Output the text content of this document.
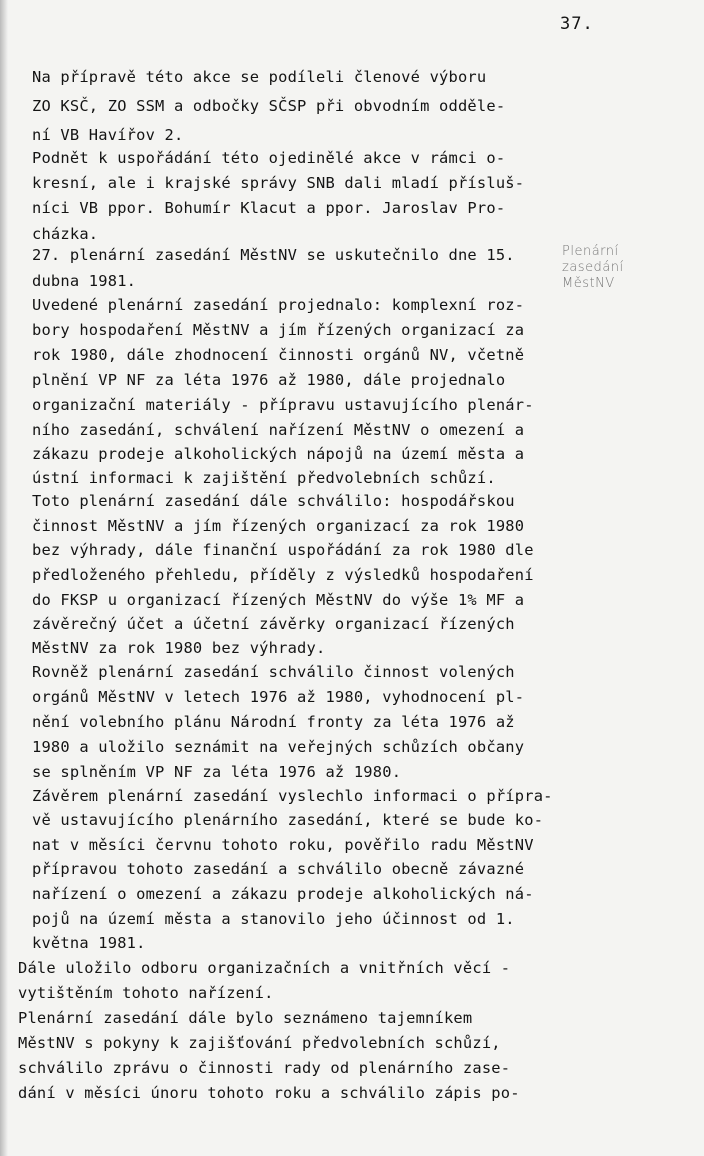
37.
Plenární
zasedání
MěstNV
Na přípravě této akce se podíleli členové výboru
ZO KSČ, ZO SSM a odbočky SČSP při obvodním odděle-
ní VB Havířov 2.
Podnět k uspořádání této ojedinělé akce v rámci o-
kresní, ale i krajské správy SNB dali mladí přísluš-
níci VB ppor. Bohumír Klacut a ppor. Jaroslav Pro-
cházka.
27. plenární zasedání MěstNV se uskutečnilo dne 15.
dubna 1981.
Uvedené plenární zasedání projednalo: komplexní roz-
bory hospodaření MěstNV a jím řízených organizací za
rok 1980, dále zhodnocení činnosti orgánů NV, včetně
plnění VP NF za léta 1976 až 1980, dále projednalo
organizační materiály - přípravu ustavujícího plenár-
ního zasedání, schválení nařízení MěstNV o omezení a
zákazu prodeje alkoholických nápojů na území města a
ústní informaci k zajištění předvolebních schůzí.
Toto plenární zasedání dále schválilo: hospodářskou
činnost MěstNV a jím řízených organizací za rok 1980
bez výhrady, dále finanční uspořádání za rok 1980 dle
předloženého přehledu, příděly z výsledků hospodaření
do FKSP u organizací řízených MěstNV do výše 1% MF a
závěrečný účet a účetní závěrky organizací řízených
MěstNV za rok 1980 bez výhrady.
Rovněž plenární zasedání schválilo činnost volených
orgánů MěstNV v letech 1976 až 1980, vyhodnocení pl-
nění volebního plánu Národní fronty za léta 1976 až
1980 a uložilo seznámit na veřejných schůzích občany
se splněním VP NF za léta 1976 až 1980.
Závěrem plenární zasedání vyslechlo informaci o přípra-
vě ustavujícího plenárního zasedání, které se bude ko-
nat v měsíci červnu tohoto roku, pověřilo radu MěstNV
přípravou tohoto zasedání a schválilo obecně závazné
nařízení o omezení a zákazu prodeje alkoholických ná-
pojů na území města a stanovilo jeho účinnost od 1.
května 1981.
Dále uložilo odboru organizačních a vnitřních věcí -
vytištěním tohoto nařízení.
Plenární zasedání dále bylo seznámeno tajemníkem
MěstNV s pokyny k zajišťování předvolebních schůzí,
schválilo zprávu o činnosti rady od plenárního zase-
dání v měsíci únoru tohoto roku a schválilo zápis po-
